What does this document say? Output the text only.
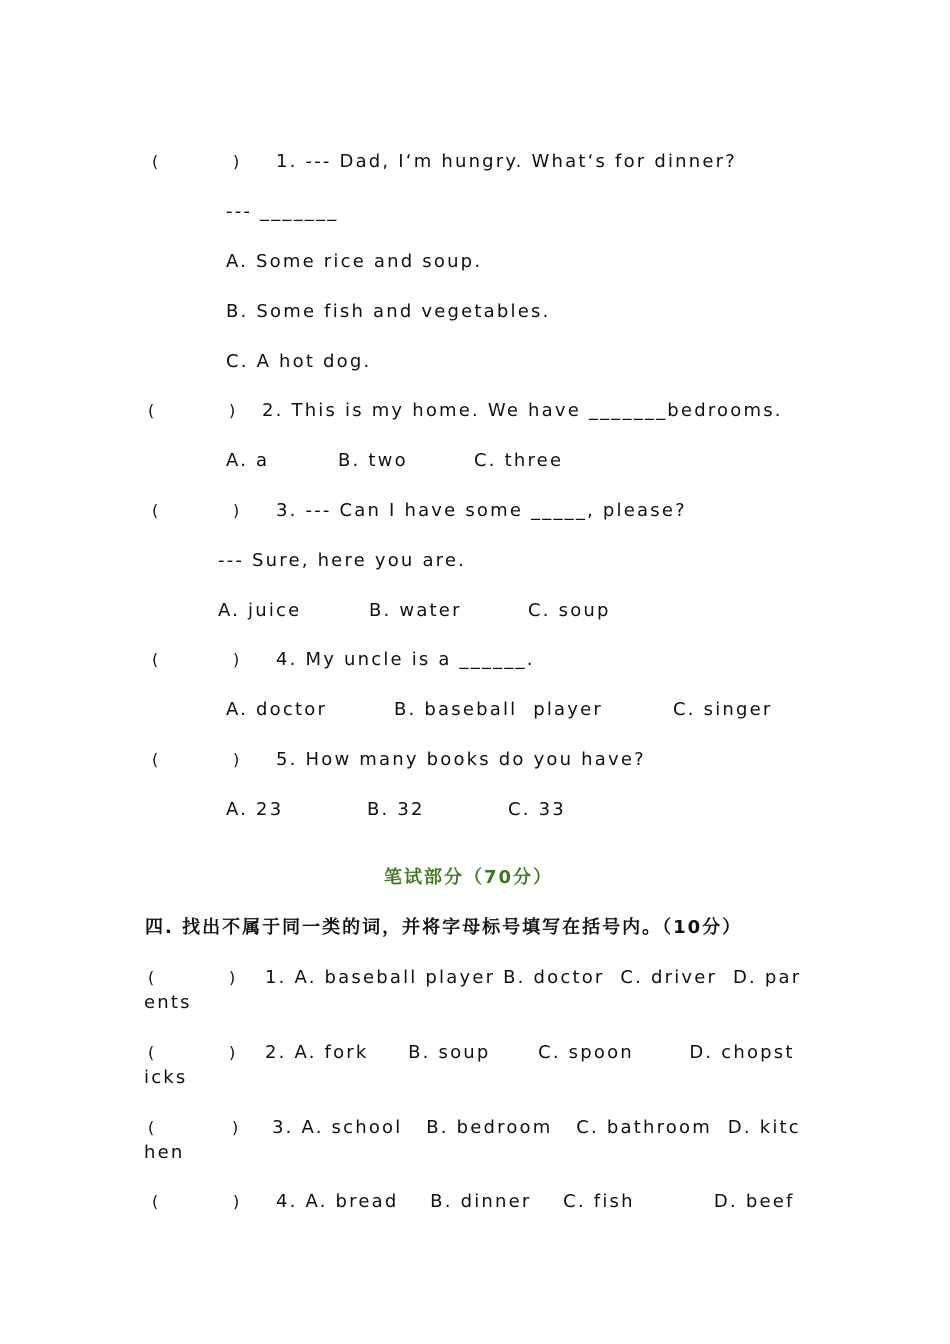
(	) 1. --- Dad, I‘m hungry. What‘s for dinner?
--- _______
A. Some rice and soup.
B. Some fish and vegetables.
C. A hot dog.
(	) 2. This is my home. We have _______bedrooms.
A. a	B. two	C. three
(	) 3. --- Can I have some _____, please?
--- Sure, here you are.
A. juice	B. water	C. soup
(	) 4. My uncle is a ______.
A. doctor	B. baseball  player	C. singer
(	) 5. How many books do you have?
A. 23	B. 32	C. 33
笔试部分（70分）
四. 找出不属于同一类的词，并将字母标号填写在括号内。（10分）
(	) 1. A. baseball player B. doctor  C. driver  D. par
ents
(	) 2. A. fork     B. soup      C. spoon       D. chopst
icks
(	) 3. A. school   B. bedroom   C. bathroom  D. kitc
hen
(	) 4. A. bread    B. dinner    C. fish          D. beef
